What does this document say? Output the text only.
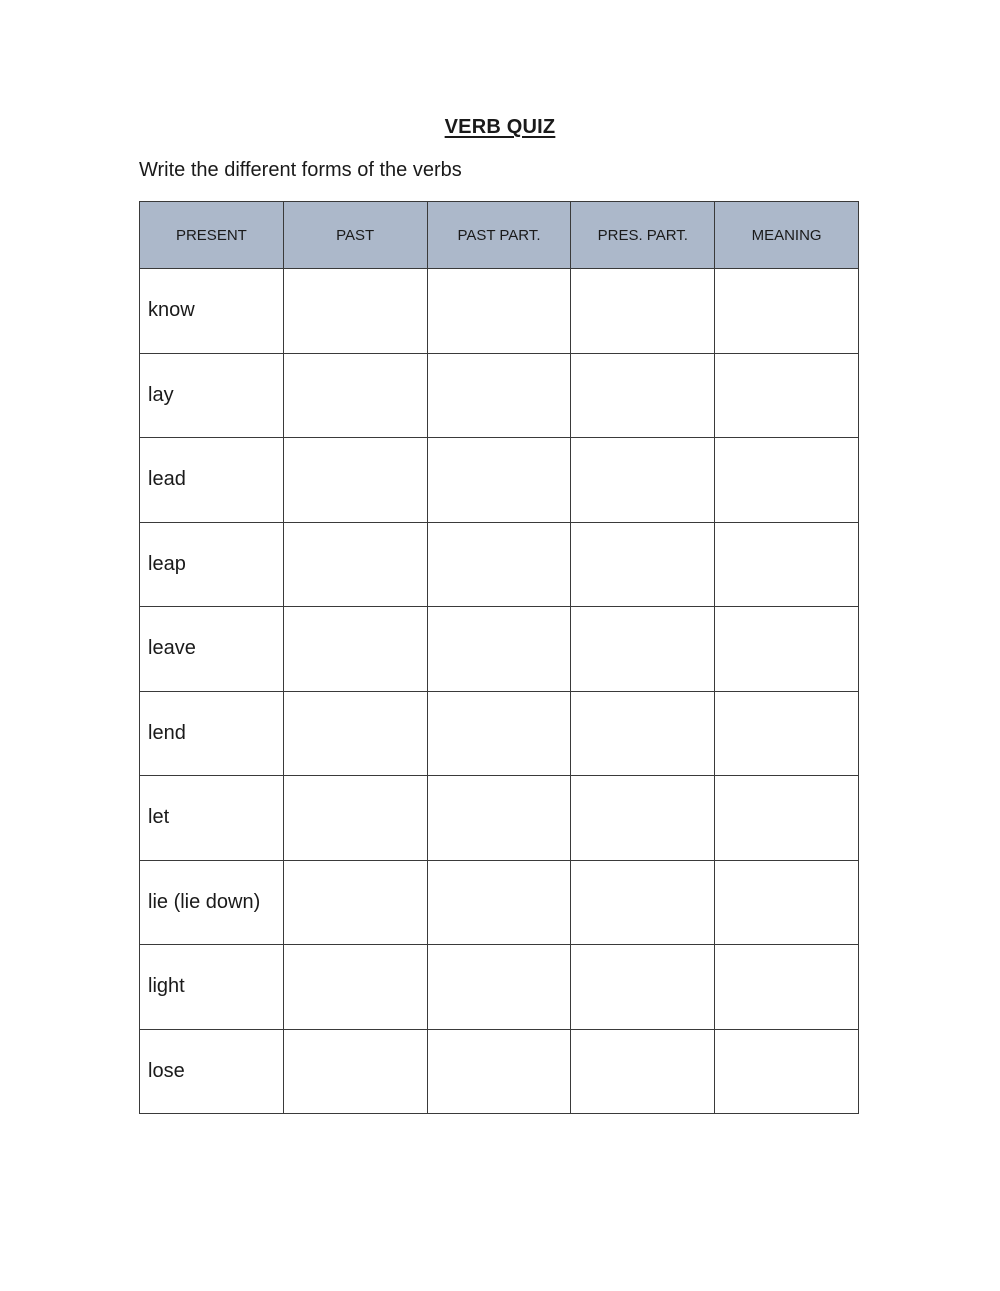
VERB QUIZ
Write the different forms of the verbs
PRESENT	PAST	PAST PART.	PRES. PART.	MEANING
know				
lay				
lead				
leap				
leave				
lend				
let				
lie (lie down)				
light				
lose				
